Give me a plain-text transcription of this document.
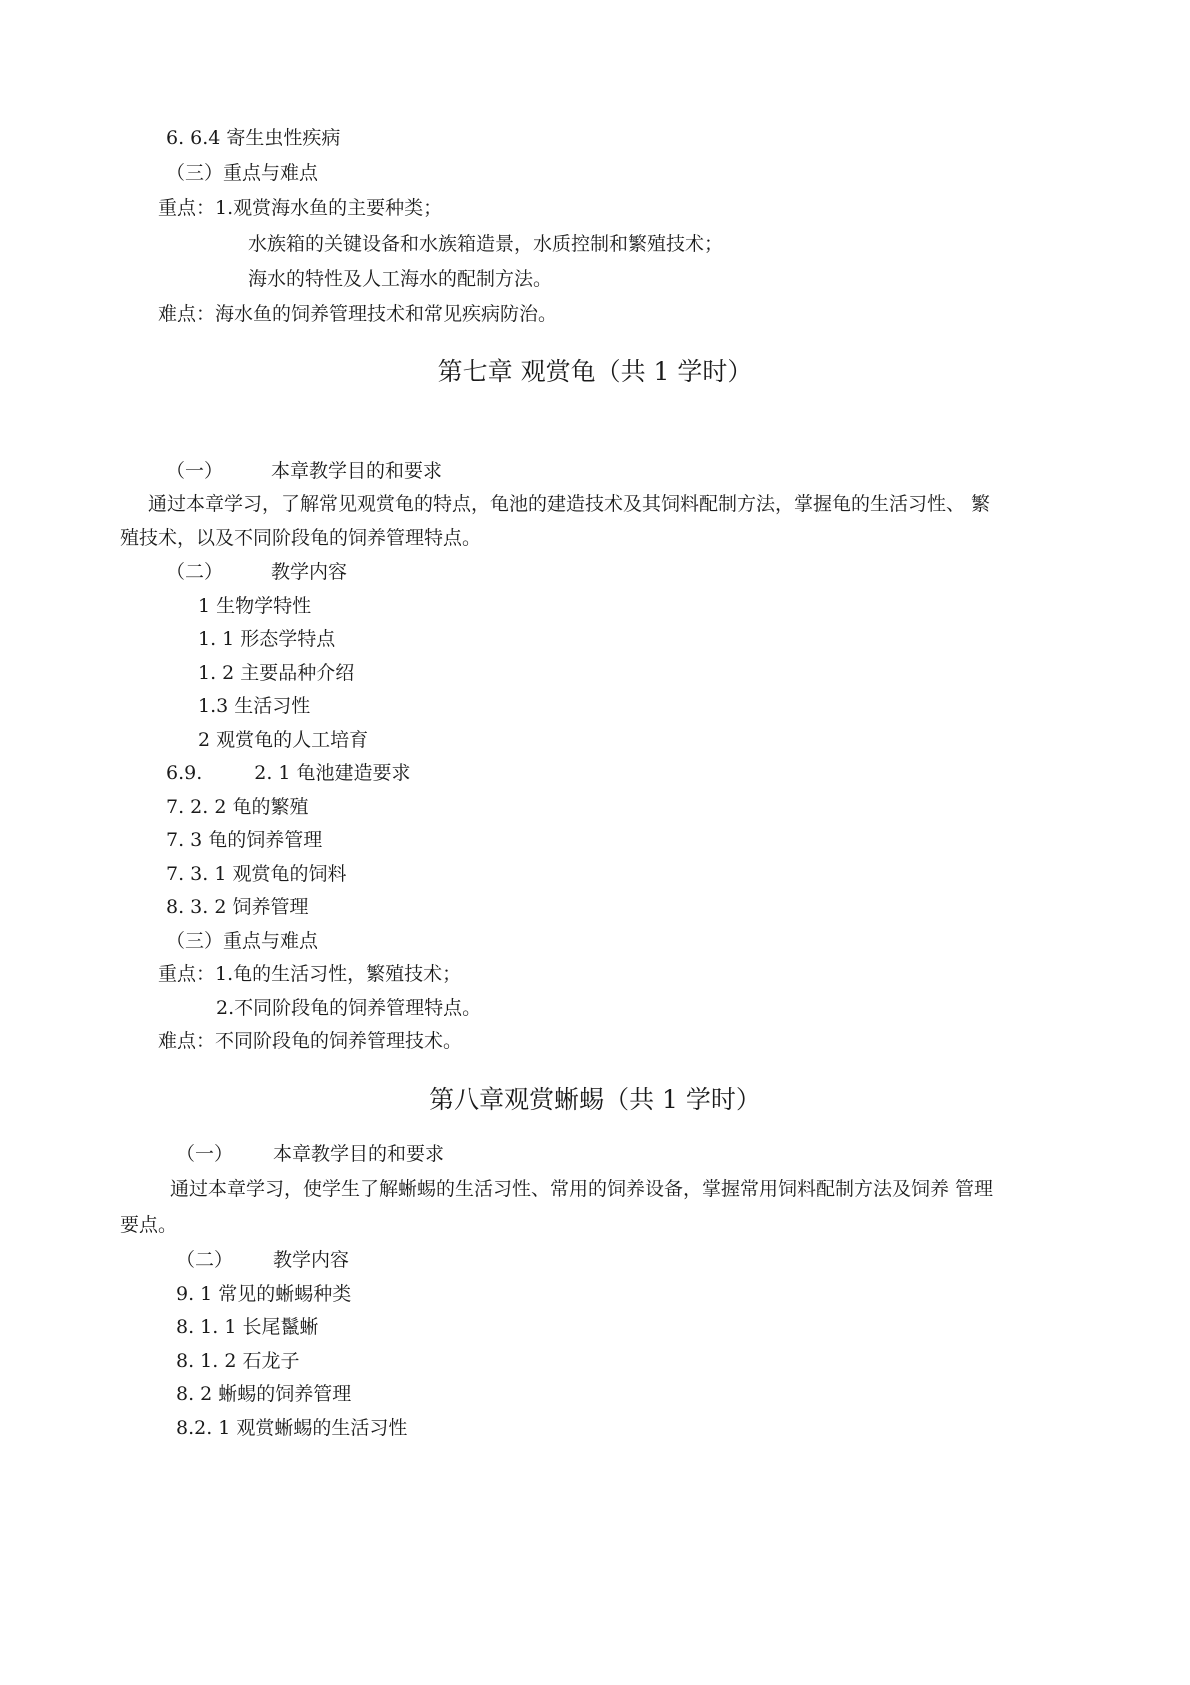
6. 6.4 寄生虫性疾病
（三）重点与难点
重点：1.观赏海水鱼的主要种类；
水族箱的关键设备和水族箱造景，水质控制和繁殖技术；
海水的特性及人工海水的配制方法。
难点：海水鱼的饲养管理技术和常见疾病防治。
第七章 观赏龟（共 1 学时）
（一）	本章教学目的和要求
通过本章学习，了解常见观赏龟的特点，龟池的建造技术及其饲料配制方法，掌握龟的生活习性、 繁
殖技术，以及不同阶段龟的饲养管理特点。
（二）	教学内容
1 生物学特性
1. 1 形态学特点
1. 2 主要品种介绍
1.3 生活习性
2 观赏龟的人工培育
6.9.	2. 1 龟池建造要求
7. 2. 2 龟的繁殖
7. 3 龟的饲养管理
7. 3. 1 观赏龟的饲料
8. 3. 2 饲养管理
（三）重点与难点
重点：1.龟的生活习性，繁殖技术；
2.不同阶段龟的饲养管理特点。
难点：不同阶段龟的饲养管理技术。
第八章观赏蜥蜴（共 1 学时）
（一） 本章教学目的和要求
通过本章学习，使学生了解蜥蜴的生活习性、常用的饲养设备，掌握常用饲料配制方法及饲养 管理
要点。
（二） 教学内容
9. 1 常见的蜥蜴种类
8. 1. 1 长尾鬣蜥
8. 1. 2 石龙子
8. 2 蜥蜴的饲养管理
8.2. 1 观赏蜥蜴的生活习性
